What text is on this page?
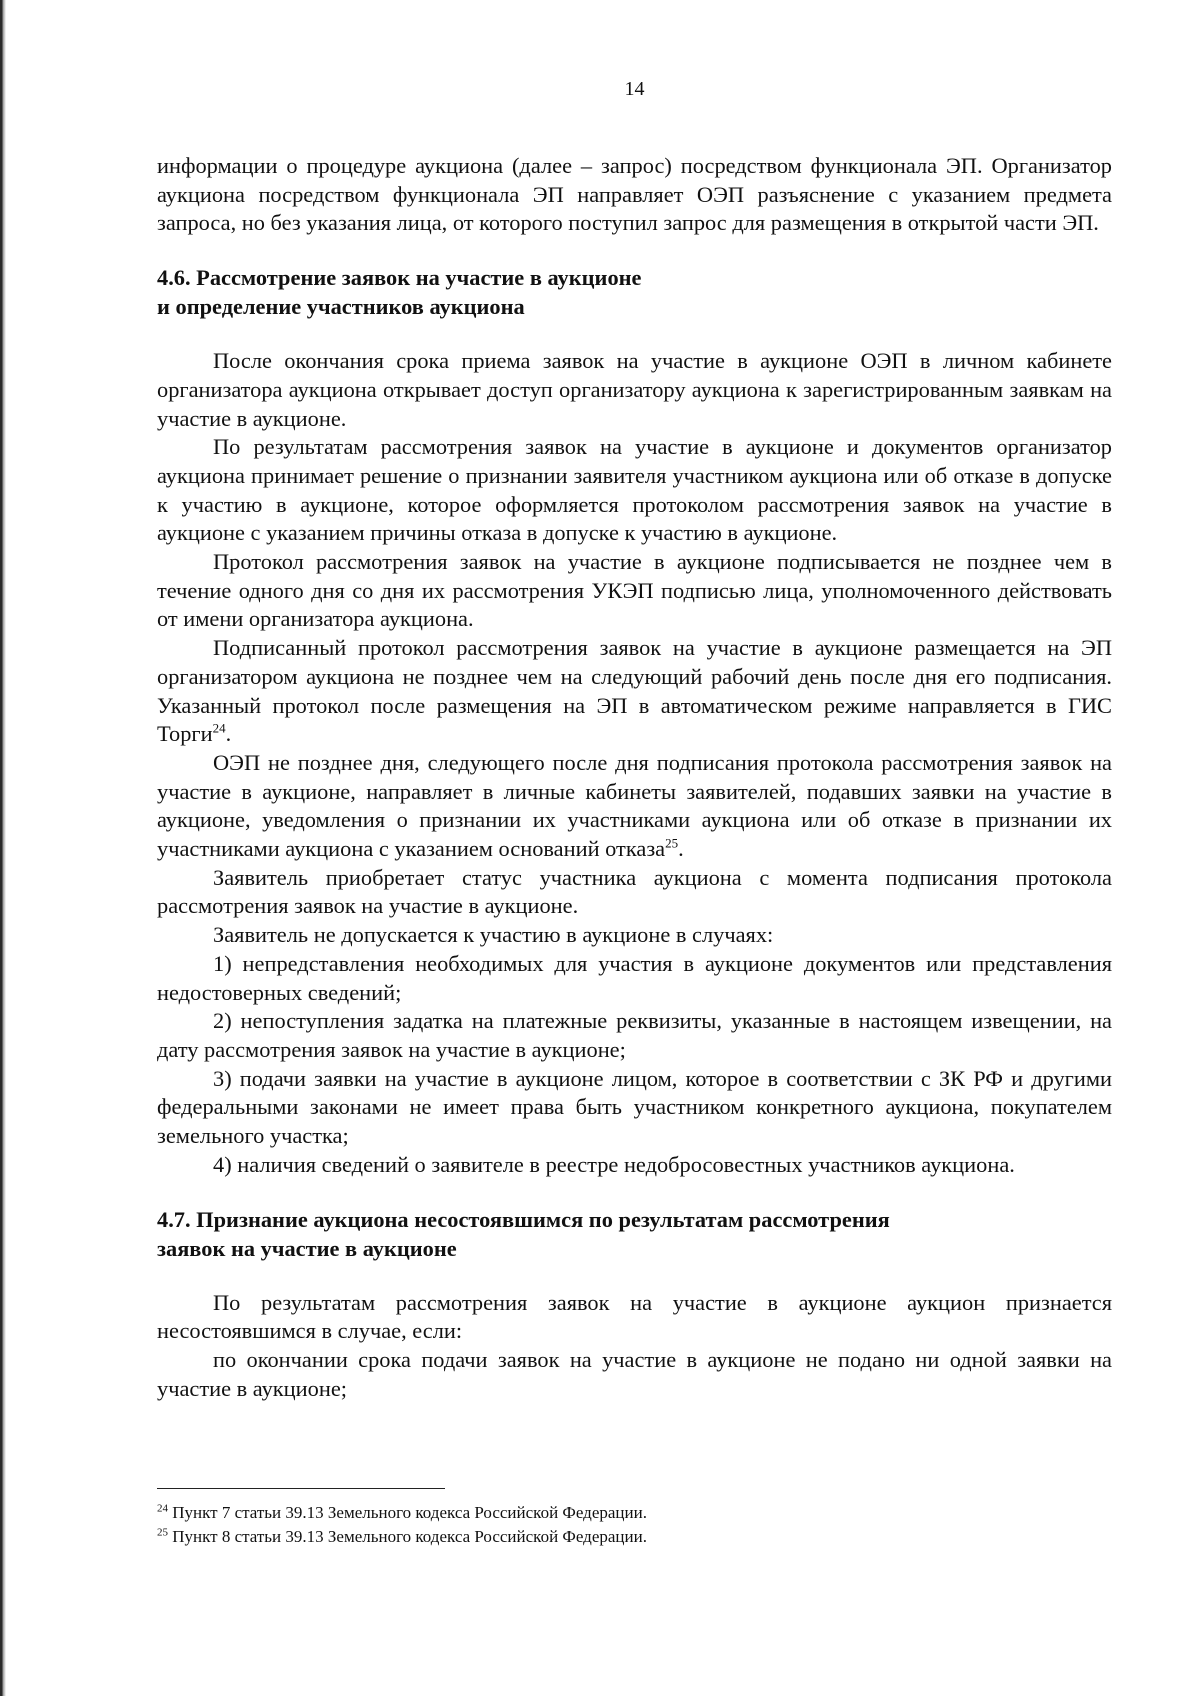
14

информации о процедуре аукциона (далее – запрос) посредством функционала ЭП. Организатор аукциона посредством функционала ЭП направляет ОЭП разъяснение с указанием предмета запроса, но без указания лица, от которого поступил запрос для размещения в открытой части ЭП.

4.6. Рассмотрение заявок на участие в аукционе

и определение участников аукциона

После окончания срока приема заявок на участие в аукционе ОЭП в личном кабинете организатора аукциона открывает доступ организатору аукциона к зарегистрированным заявкам на участие в аукционе.

По результатам рассмотрения заявок на участие в аукционе и документов организатор аукциона принимает решение о признании заявителя участником аукциона или об отказе в допуске к участию в аукционе, которое оформляется протоколом рассмотрения заявок на участие в аукционе с указанием причины отказа в допуске к участию в аукционе.

Протокол рассмотрения заявок на участие в аукционе подписывается не позднее чем в течение одного дня со дня их рассмотрения УКЭП подписью лица, уполномоченного действовать от имени организатора аукциона.

Подписанный протокол рассмотрения заявок на участие в аукционе размещается на ЭП организатором аукциона не позднее чем на следующий рабочий день после дня его подписания. Указанный протокол после размещения на ЭП в автоматическом режиме направляется в ГИС Торги$^{24}$.

ОЭП не позднее дня, следующего после дня подписания протокола рассмотрения заявок на участие в аукционе, направляет в личные кабинеты заявителей, подавших заявки на участие в аукционе, уведомления о признании их участниками аукциона или об отказе в признании их участниками аукциона с указанием оснований отказа$^{25}$.

Заявитель приобретает статус участника аукциона с момента подписания протокола рассмотрения заявок на участие в аукционе.

Заявитель не допускается к участию в аукционе в случаях:

1) непредставления необходимых для участия в аукционе документов или представления недостоверных сведений;

2) непоступления задатка на платежные реквизиты, указанные в настоящем извещении, на дату рассмотрения заявок на участие в аукционе;

3) подачи заявки на участие в аукционе лицом, которое в соответствии с ЗК РФ и другими федеральными законами не имеет права быть участником конкретного аукциона, покупателем земельного участка;

4) наличия сведений о заявителе в реестре недобросовестных участников аукциона.

4.7. Признание аукциона несостоявшимся по результатам рассмотрения

заявок на участие в аукционе

По результатам рассмотрения заявок на участие в аукционе аукцион признается несостоявшимся в случае, если:

по окончании срока подачи заявок на участие в аукционе не подано ни одной заявки на участие в аукционе;

$^{24}$ Пункт 7 статьи 39.13 Земельного кодекса Российской Федерации.

$^{25}$ Пункт 8 статьи 39.13 Земельного кодекса Российской Федерации.
